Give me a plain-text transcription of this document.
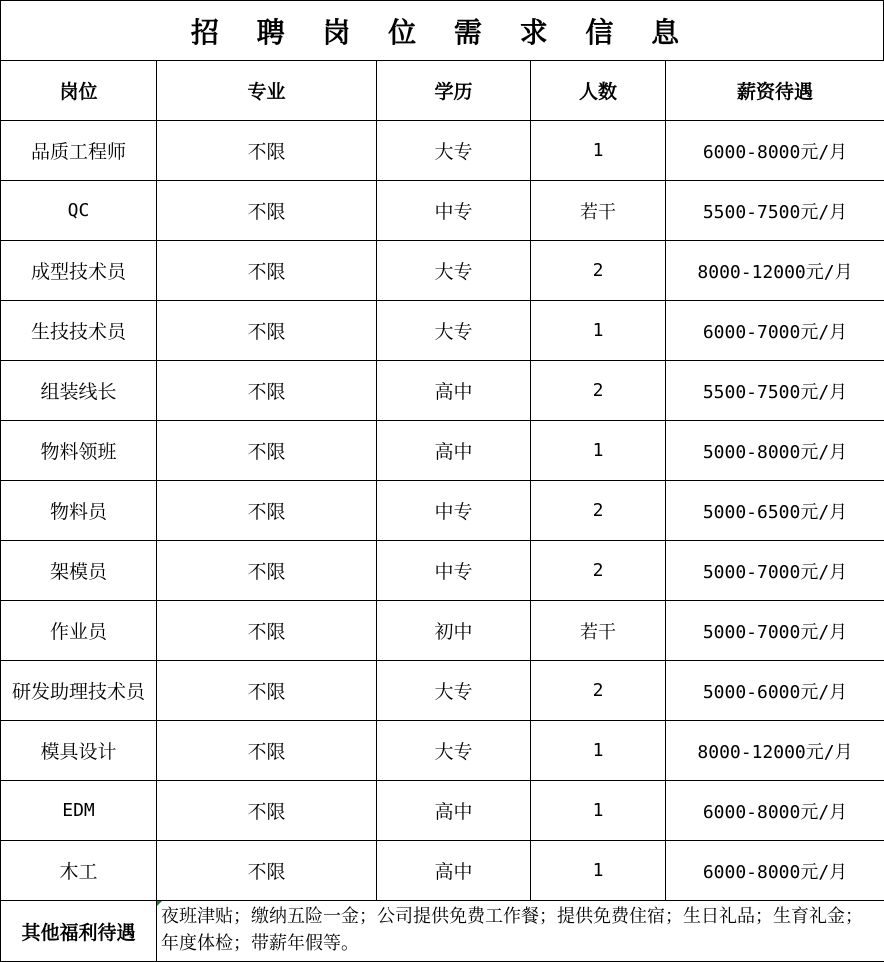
招 聘 岗 位 需 求 信 息
岗位	专业	学历	人数	薪资待遇
品质工程师	不限	大专	1	6000-8000元/月
QC	不限	中专	若干	5500-7500元/月
成型技术员	不限	大专	2	8000-12000元/月
生技技术员	不限	大专	1	6000-7000元/月
组装线长	不限	高中	2	5500-7500元/月
物料领班	不限	高中	1	5000-8000元/月
物料员	不限	中专	2	5000-6500元/月
架模员	不限	中专	2	5000-7000元/月
作业员	不限	初中	若干	5000-7000元/月
研发助理技术员	不限	大专	2	5000-6000元/月
模具设计	不限	大专	1	8000-12000元/月
EDM	不限	高中	1	6000-8000元/月
木工	不限	高中	1	6000-8000元/月
其他福利待遇	夜班津贴；缴纳五险一金；公司提供免费工作餐；提供免费住宿；生日礼品；生育礼金；年度体检；带薪年假等。			
